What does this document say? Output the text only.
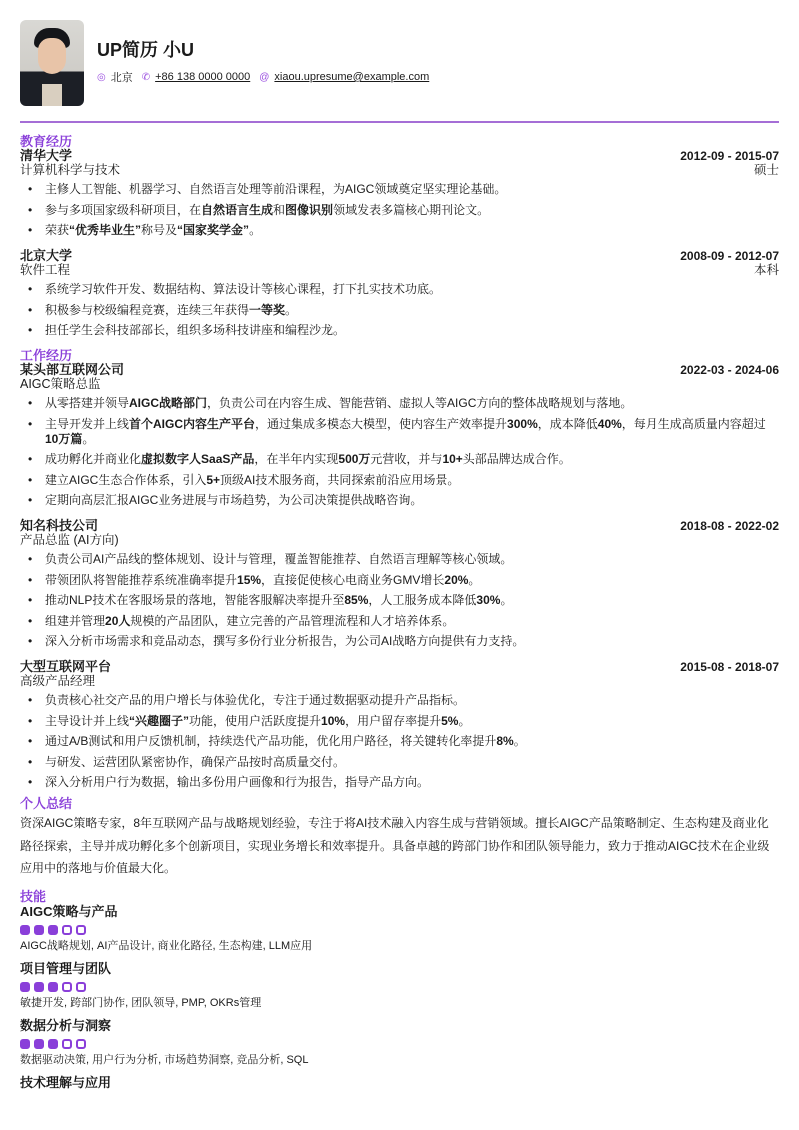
UP简历 小U
◎ 北京 ✆ +86 138 0000 0000 @ xiaou.upresume@example.com
教育经历
清华大学	2012-09 - 2015-07
计算机科学与技术	硕士
• 主修人工智能、机器学习、自然语言处理等前沿课程，为AIGC领域奠定坚实理论基础。
• 参与多项国家级科研项目，在自然语言生成和图像识别领域发表多篇核心期刊论文。
• 荣获“优秀毕业生”称号及“国家奖学金”。
北京大学	2008-09 - 2012-07
软件工程	本科
• 系统学习软件开发、数据结构、算法设计等核心课程，打下扎实技术功底。
• 积极参与校级编程竞赛，连续三年获得一等奖。
• 担任学生会科技部部长，组织多场科技讲座和编程沙龙。
工作经历
某头部互联网公司	2022-03 - 2024-06
AIGC策略总监
• 从零搭建并领导AIGC战略部门，负责公司在内容生成、智能营销、虚拟人等AIGC方向的整体战略规划与落地。
• 主导开发并上线首个AIGC内容生产平台，通过集成多模态大模型，使内容生产效率提升300%，成本降低40%，每月生成高质量内容超过10万篇。
• 成功孵化并商业化虚拟数字人SaaS产品，在半年内实现500万元营收，并与10+头部品牌达成合作。
• 建立AIGC生态合作体系，引入5+顶级AI技术服务商，共同探索前沿应用场景。
• 定期向高层汇报AIGC业务进展与市场趋势，为公司决策提供战略咨询。
知名科技公司	2018-08 - 2022-02
产品总监 (AI方向)
• 负责公司AI产品线的整体规划、设计与管理，覆盖智能推荐、自然语言理解等核心领域。
• 带领团队将智能推荐系统准确率提升15%，直接促使核心电商业务GMV增长20%。
• 推动NLP技术在客服场景的落地，智能客服解决率提升至85%，人工服务成本降低30%。
• 组建并管理20人规模的产品团队，建立完善的产品管理流程和人才培养体系。
• 深入分析市场需求和竞品动态，撰写多份行业分析报告，为公司AI战略方向提供有力支持。
大型互联网平台	2015-08 - 2018-07
高级产品经理
• 负责核心社交产品的用户增长与体验优化，专注于通过数据驱动提升产品指标。
• 主导设计并上线“兴趣圈子”功能，使用户活跃度提升10%，用户留存率提升5%。
• 通过A/B测试和用户反馈机制，持续迭代产品功能，优化用户路径，将关键转化率提升8%。
• 与研发、运营团队紧密协作，确保产品按时高质量交付。
• 深入分析用户行为数据，输出多份用户画像和行为报告，指导产品方向。
个人总结
资深AIGC策略专家，8年互联网产品与战略规划经验，专注于将AI技术融入内容生成与营销领域。擅长AIGC产品策略制定、生态构建及商业化路径探索，主导并成功孵化多个创新项目，实现业务增长和效率提升。具备卓越的跨部门协作和团队领导能力，致力于推动AIGC技术在企业级应用中的落地与价值最大化。
技能
AIGC策略与产品
AIGC战略规划, AI产品设计, 商业化路径, 生态构建, LLM应用
项目管理与团队
敏捷开发, 跨部门协作, 团队领导, PMP, OKRs管理
数据分析与洞察
数据驱动决策, 用户行为分析, 市场趋势洞察, 竞品分析, SQL
技术理解与应用
